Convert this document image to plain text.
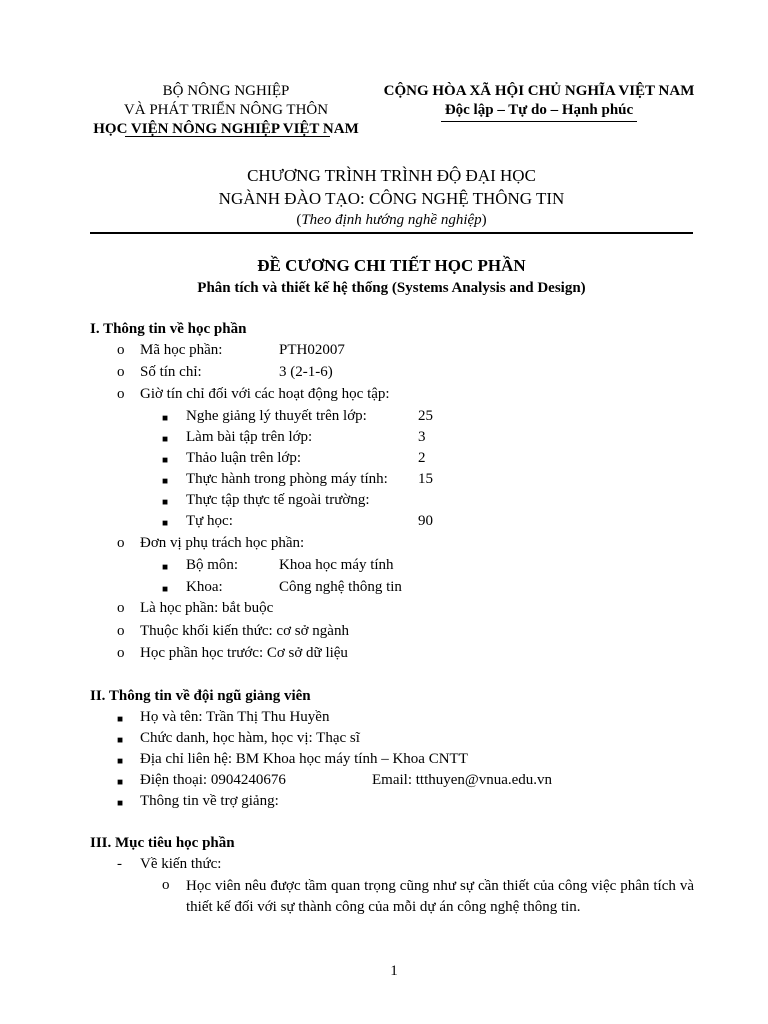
BỘ NÔNG NGHIỆP
VÀ PHÁT TRIỂN NÔNG THÔN
HỌC VIỆN NÔNG NGHIỆP VIỆT NAM
CỘNG HÒA XÃ HỘI CHỦ NGHĨA VIỆT NAM
Độc lập – Tự do – Hạnh phúc
CHƯƠNG TRÌNH TRÌNH ĐỘ ĐẠI HỌC
NGÀNH ĐÀO TẠO: CÔNG NGHỆ THÔNG TIN
(Theo định hướng nghề nghiệp)
ĐỀ CƯƠNG CHI TIẾT HỌC PHẦN
Phân tích và thiết kế hệ thống (Systems Analysis and Design)
I. Thông tin về học phần
o Mã học phần:	PTH02007
o Số tín chỉ:	3 (2-1-6)
o Giờ tín chỉ đối với các hoạt động học tập:
■ Nghe giảng lý thuyết trên lớp:	25
■ Làm bài tập trên lớp:	3
■ Thảo luận trên lớp:	2
■ Thực hành trong phòng máy tính: 15
■ Thực tập thực tế ngoài trường:
■ Tự học:	90
o Đơn vị phụ trách học phần:
■ Bộ môn:	Khoa học máy tính
■ Khoa:	Công nghệ thông tin
o Là học phần: bắt buộc
o Thuộc khối kiến thức: cơ sở ngành
o Học phần học trước: Cơ sở dữ liệu
II. Thông tin về đội ngũ giảng viên
■ Họ và tên: Trần Thị Thu Huyền
■ Chức danh, học hàm, học vị: Thạc sĩ
■ Địa chỉ liên hệ: BM Khoa học máy tính – Khoa CNTT
■ Điện thoại: 0904240676	Email: ttthuyen@vnua.edu.vn
■ Thông tin về trợ giảng:
III. Mục tiêu học phần
- Về kiến thức:
o Học viên nêu được tầm quan trọng cũng như sự cần thiết của công việc phân tích và thiết kế đối với sự thành công của mỗi dự án công nghệ thông tin.
1
